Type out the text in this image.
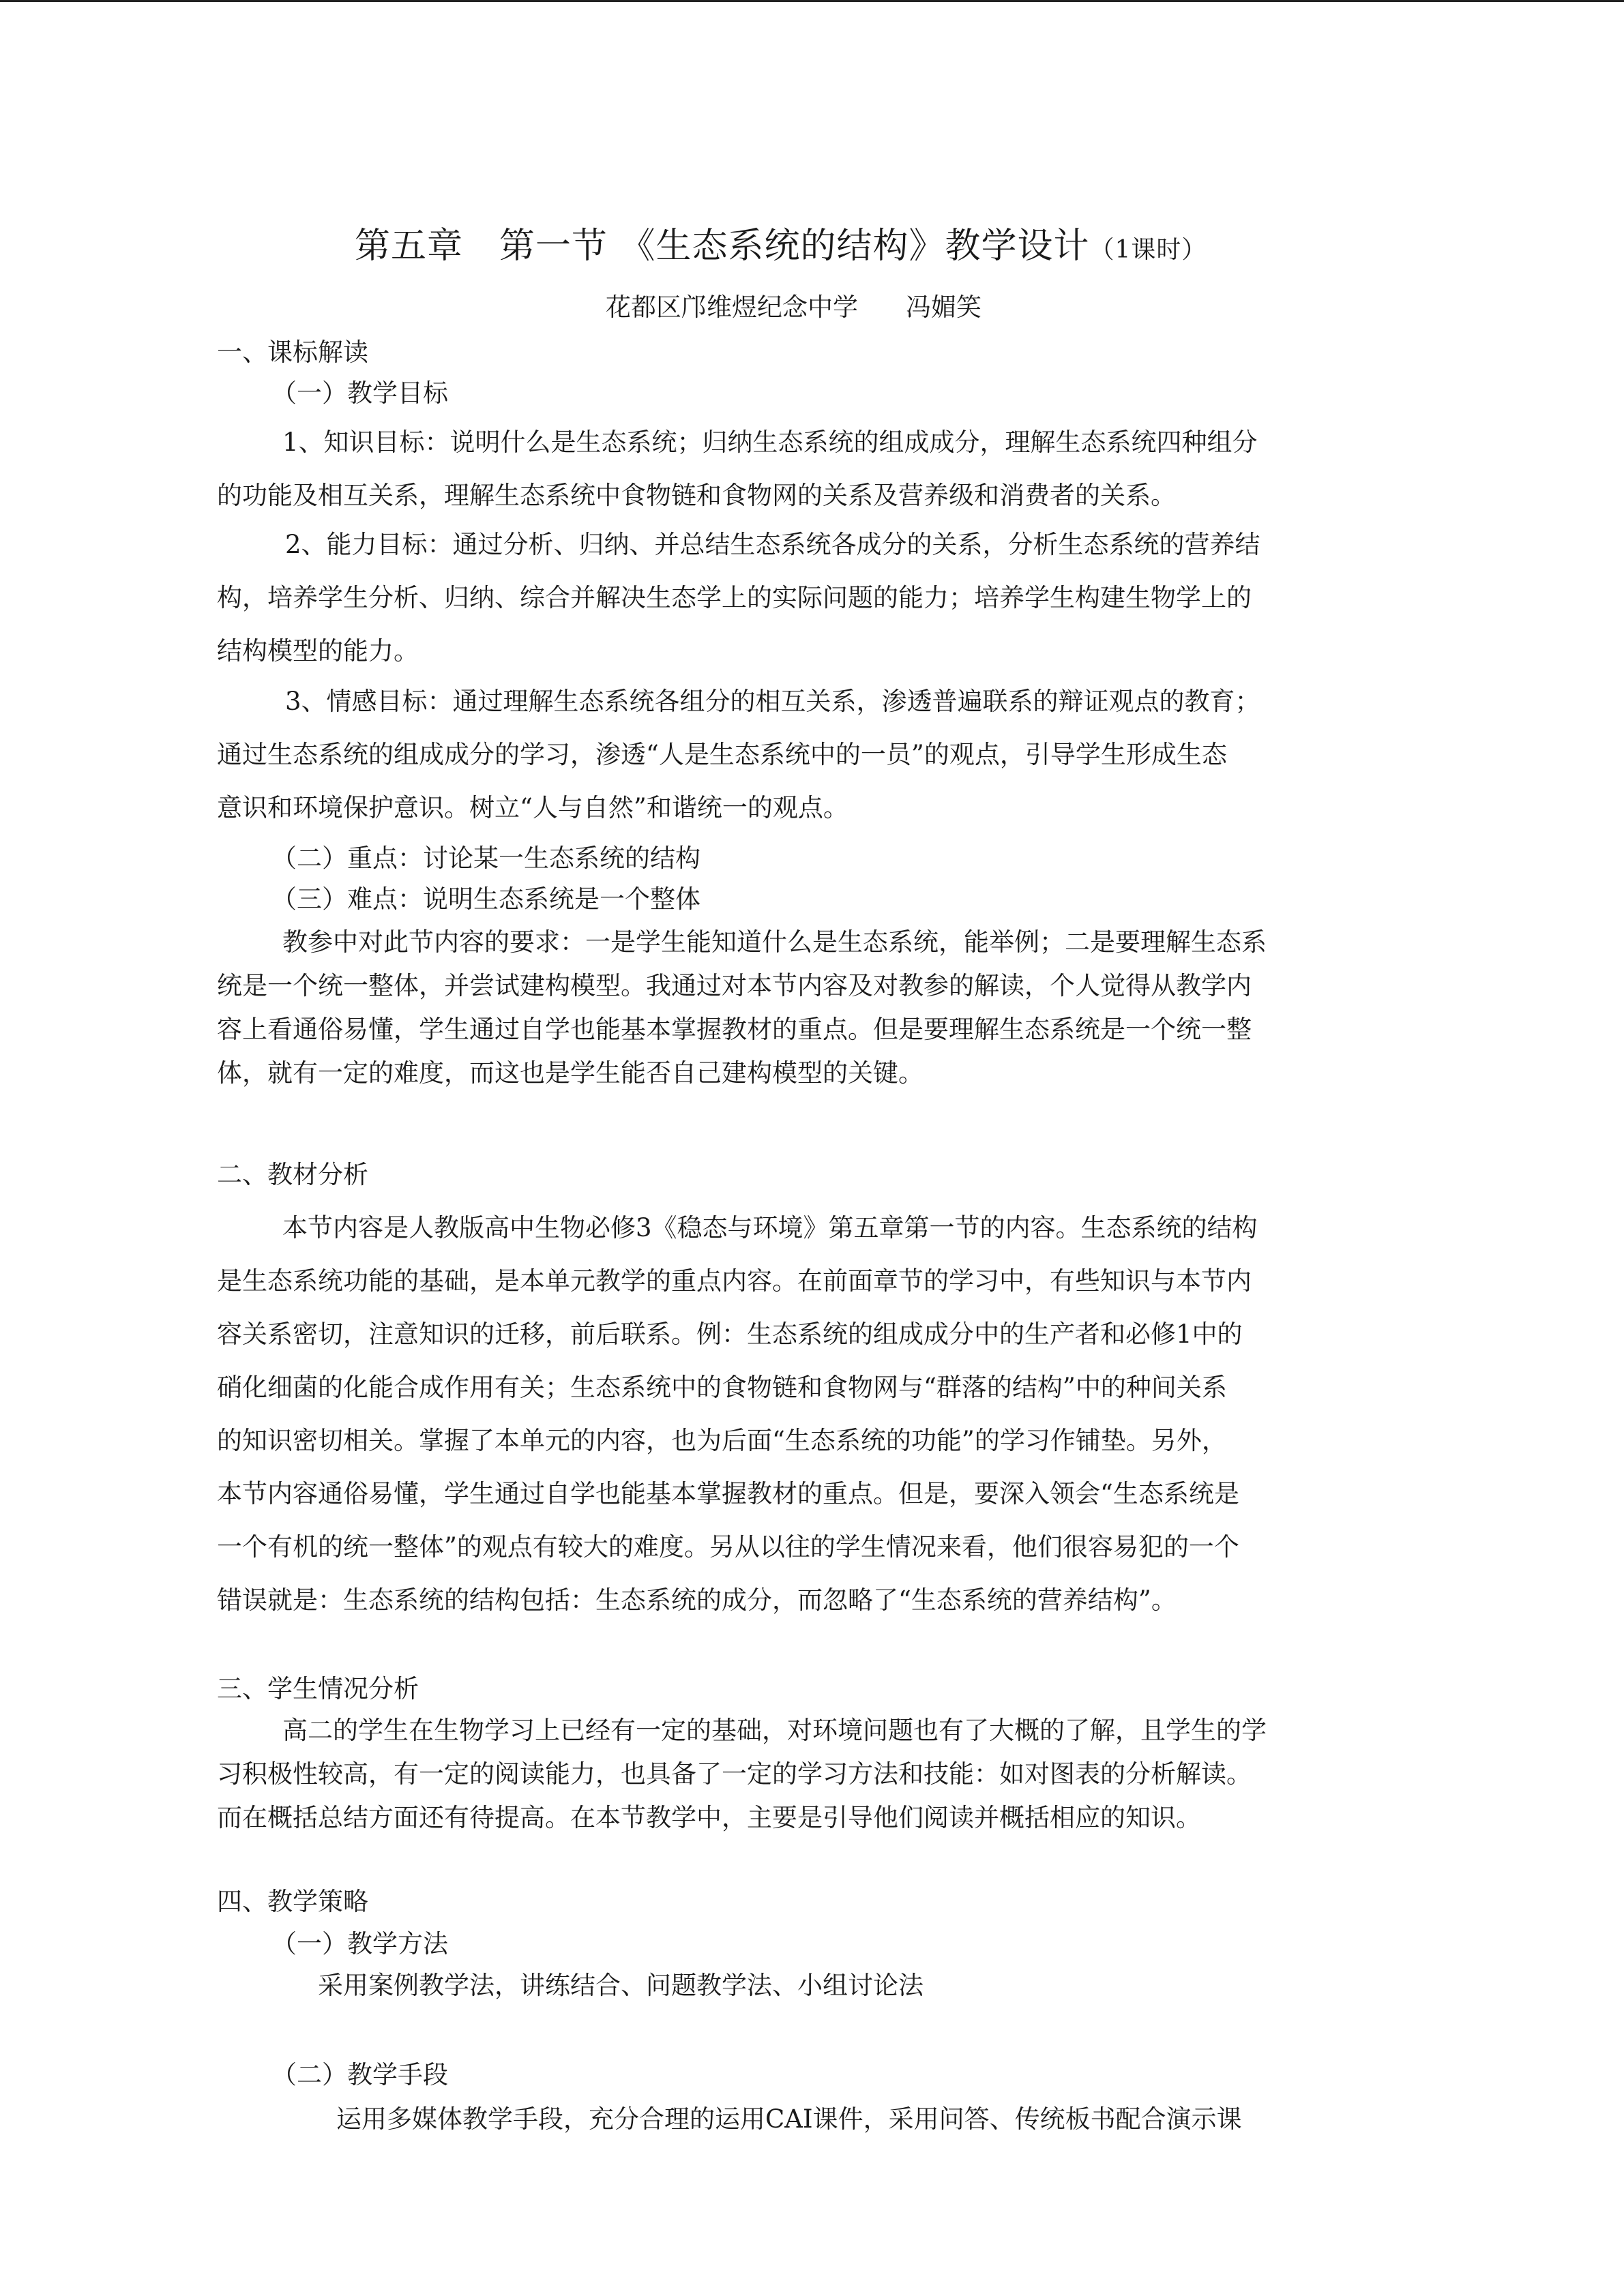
第五章　第一节 《生态系统的结构》教学设计（1课时）
花都区邝维煜纪念中学 冯媚笑
一、课标解读
（一）教学目标
1、知识目标：说明什么是生态系统；归纳生态系统的组成成分，理解生态系统四种组分
的功能及相互关系，理解生态系统中食物链和食物网的关系及营养级和消费者的关系。
2、能力目标：通过分析、归纳、并总结生态系统各成分的关系，分析生态系统的营养结
构，培养学生分析、归纳、综合并解决生态学上的实际问题的能力；培养学生构建生物学上的
结构模型的能力。
3、情感目标：通过理解生态系统各组分的相互关系，渗透普遍联系的辩证观点的教育；
通过生态系统的组成成分的学习，渗透“人是生态系统中的一员”的观点，引导学生形成生态
意识和环境保护意识。树立“人与自然”和谐统一的观点。
（二）重点：讨论某一生态系统的结构
（三）难点：说明生态系统是一个整体
教参中对此节内容的要求：一是学生能知道什么是生态系统，能举例；二是要理解生态系
统是一个统一整体，并尝试建构模型。我通过对本节内容及对教参的解读，个人觉得从教学内
容上看通俗易懂，学生通过自学也能基本掌握教材的重点。但是要理解生态系统是一个统一整
体，就有一定的难度，而这也是学生能否自己建构模型的关键。
二、教材分析
本节内容是人教版高中生物必修3《稳态与环境》第五章第一节的内容。生态系统的结构
是生态系统功能的基础，是本单元教学的重点内容。在前面章节的学习中，有些知识与本节内
容关系密切，注意知识的迁移，前后联系。例：生态系统的组成成分中的生产者和必修1中的
硝化细菌的化能合成作用有关；生态系统中的食物链和食物网与“群落的结构”中的种间关系
的知识密切相关。掌握了本单元的内容，也为后面“生态系统的功能”的学习作铺垫。另外，
本节内容通俗易懂，学生通过自学也能基本掌握教材的重点。但是，要深入领会“生态系统是
一个有机的统一整体”的观点有较大的难度。另从以往的学生情况来看，他们很容易犯的一个
错误就是：生态系统的结构包括：生态系统的成分，而忽略了“生态系统的营养结构”。
三、学生情况分析
高二的学生在生物学习上已经有一定的基础，对环境问题也有了大概的了解，且学生的学
习积极性较高，有一定的阅读能力，也具备了一定的学习方法和技能：如对图表的分析解读。
而在概括总结方面还有待提高。在本节教学中，主要是引导他们阅读并概括相应的知识。
四、教学策略
（一）教学方法
采用案例教学法，讲练结合、问题教学法、小组讨论法
（二）教学手段
运用多媒体教学手段，充分合理的运用CAI课件，采用问答、传统板书配合演示课
